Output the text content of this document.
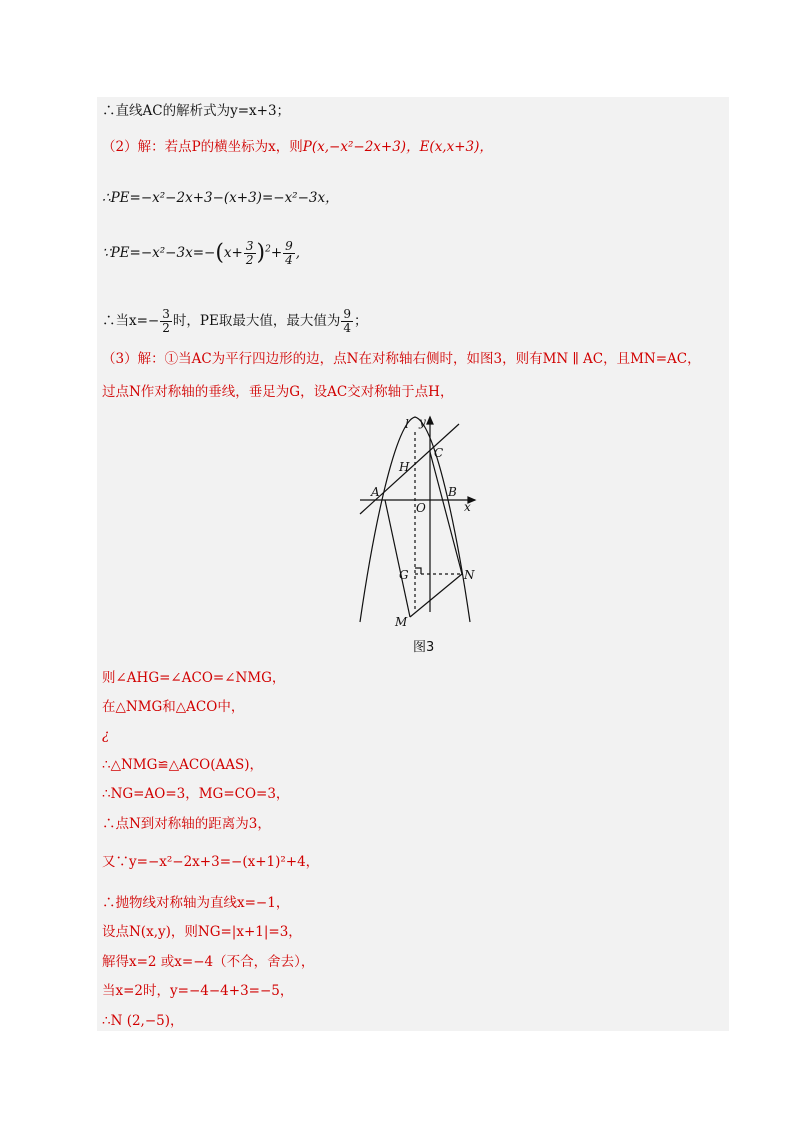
∴直线AC的解析式为y=x+3；
（2）解：若点P的横坐标为x，则P(x,−x²−2x+3)，E(x,x+3)，
∴PE=−x²−2x+3−(x+3)=−x²−3x，
∵PE=−x²−3x=−(x+ $\frac{3}{2} )^2+ \frac{9}{4}$ ,
∴当$x=- \frac{3}{2}$ 时，PE取最大值，最大值为 $\frac{9}{4}$ ；
（3）解：①当AC为平行四边形的边，点N在对称轴右侧时，如图3，则有MN ∥ AC，且MN=AC，
过点N作对称轴的垂线，垂足为G，设AC交对称轴于点H，
l y
H
C
A	B
O	x
G	N
M
图3
则∠AHG=∠ACO=∠NMG，
在△NMG和△ACO中，
¿
∴△NMG≌△ACO(AAS)，
∴NG=AO=3，MG=CO=3，
∴点N到对称轴的距离为3，
又∵y=−x²−2x+3=−(x+1)²+4，
∴抛物线对称轴为直线x=−1，
设点N(x,y)，则NG=|x+1|=3，
解得x=2 或x=−4（不合，舍去），
当x=2时，y=−4−4+3=−5，
∴N (2,−5)，
